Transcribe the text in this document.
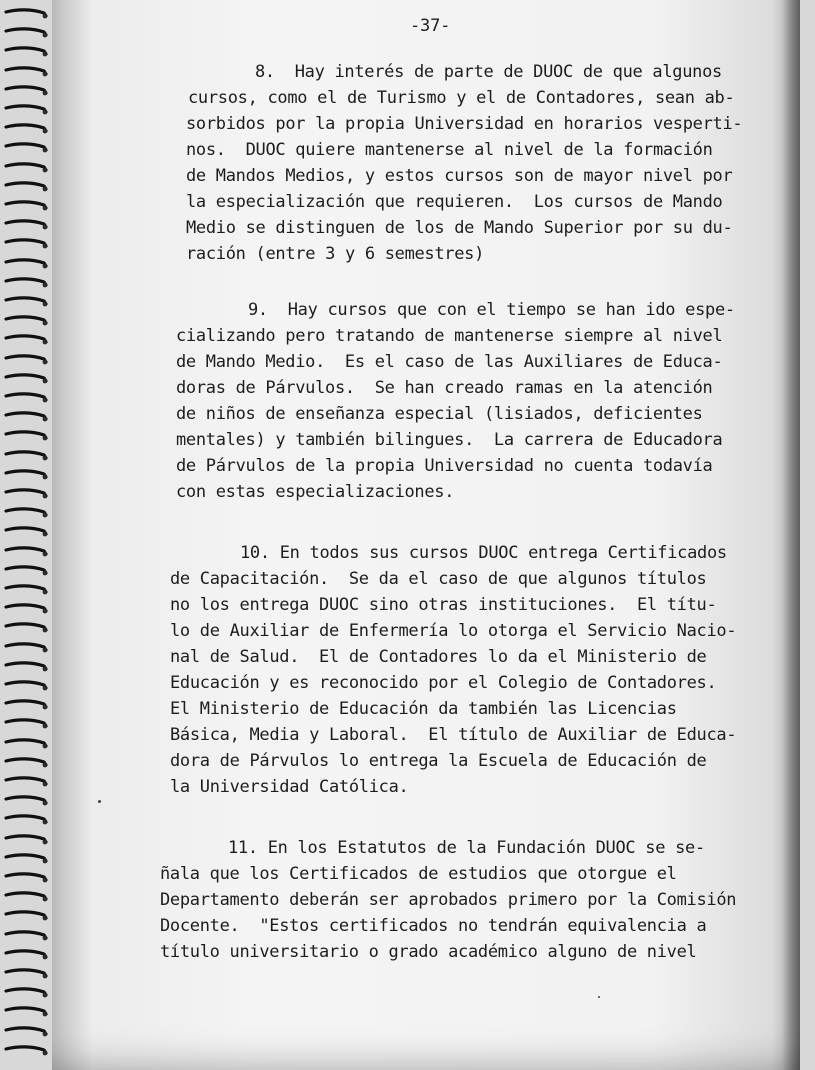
-37-
8.  Hay interés de parte de DUOC de que algunos
cursos, como el de Turismo y el de Contadores, sean ab-
sorbidos por la propia Universidad en horarios vesperti-
nos.  DUOC quiere mantenerse al nivel de la formación
de Mandos Medios, y estos cursos son de mayor nivel por
la especialización que requieren.  Los cursos de Mando
Medio se distinguen de los de Mando Superior por su du-
ración (entre 3 y 6 semestres)
9.  Hay cursos que con el tiempo se han ido espe-
cializando pero tratando de mantenerse siempre al nivel
de Mando Medio.  Es el caso de las Auxiliares de Educa-
doras de Párvulos.  Se han creado ramas en la atención
de niños de enseñanza especial (lisiados, deficientes
mentales) y también bilingues.  La carrera de Educadora
de Párvulos de la propia Universidad no cuenta todavía
con estas especializaciones.
10. En todos sus cursos DUOC entrega Certificados
de Capacitación.  Se da el caso de que algunos títulos
no los entrega DUOC sino otras instituciones.  El títu-
lo de Auxiliar de Enfermería lo otorga el Servicio Nacio-
nal de Salud.  El de Contadores lo da el Ministerio de
Educación y es reconocido por el Colegio de Contadores.
El Ministerio de Educación da también las Licencias
Básica, Media y Laboral.  El título de Auxiliar de Educa-
dora de Párvulos lo entrega la Escuela de Educación de
la Universidad Católica.
11. En los Estatutos de la Fundación DUOC se se-
ñala que los Certificados de estudios que otorgue el
Departamento deberán ser aprobados primero por la Comisión
Docente.  "Estos certificados no tendrán equivalencia a
título universitario o grado académico alguno de nivel
